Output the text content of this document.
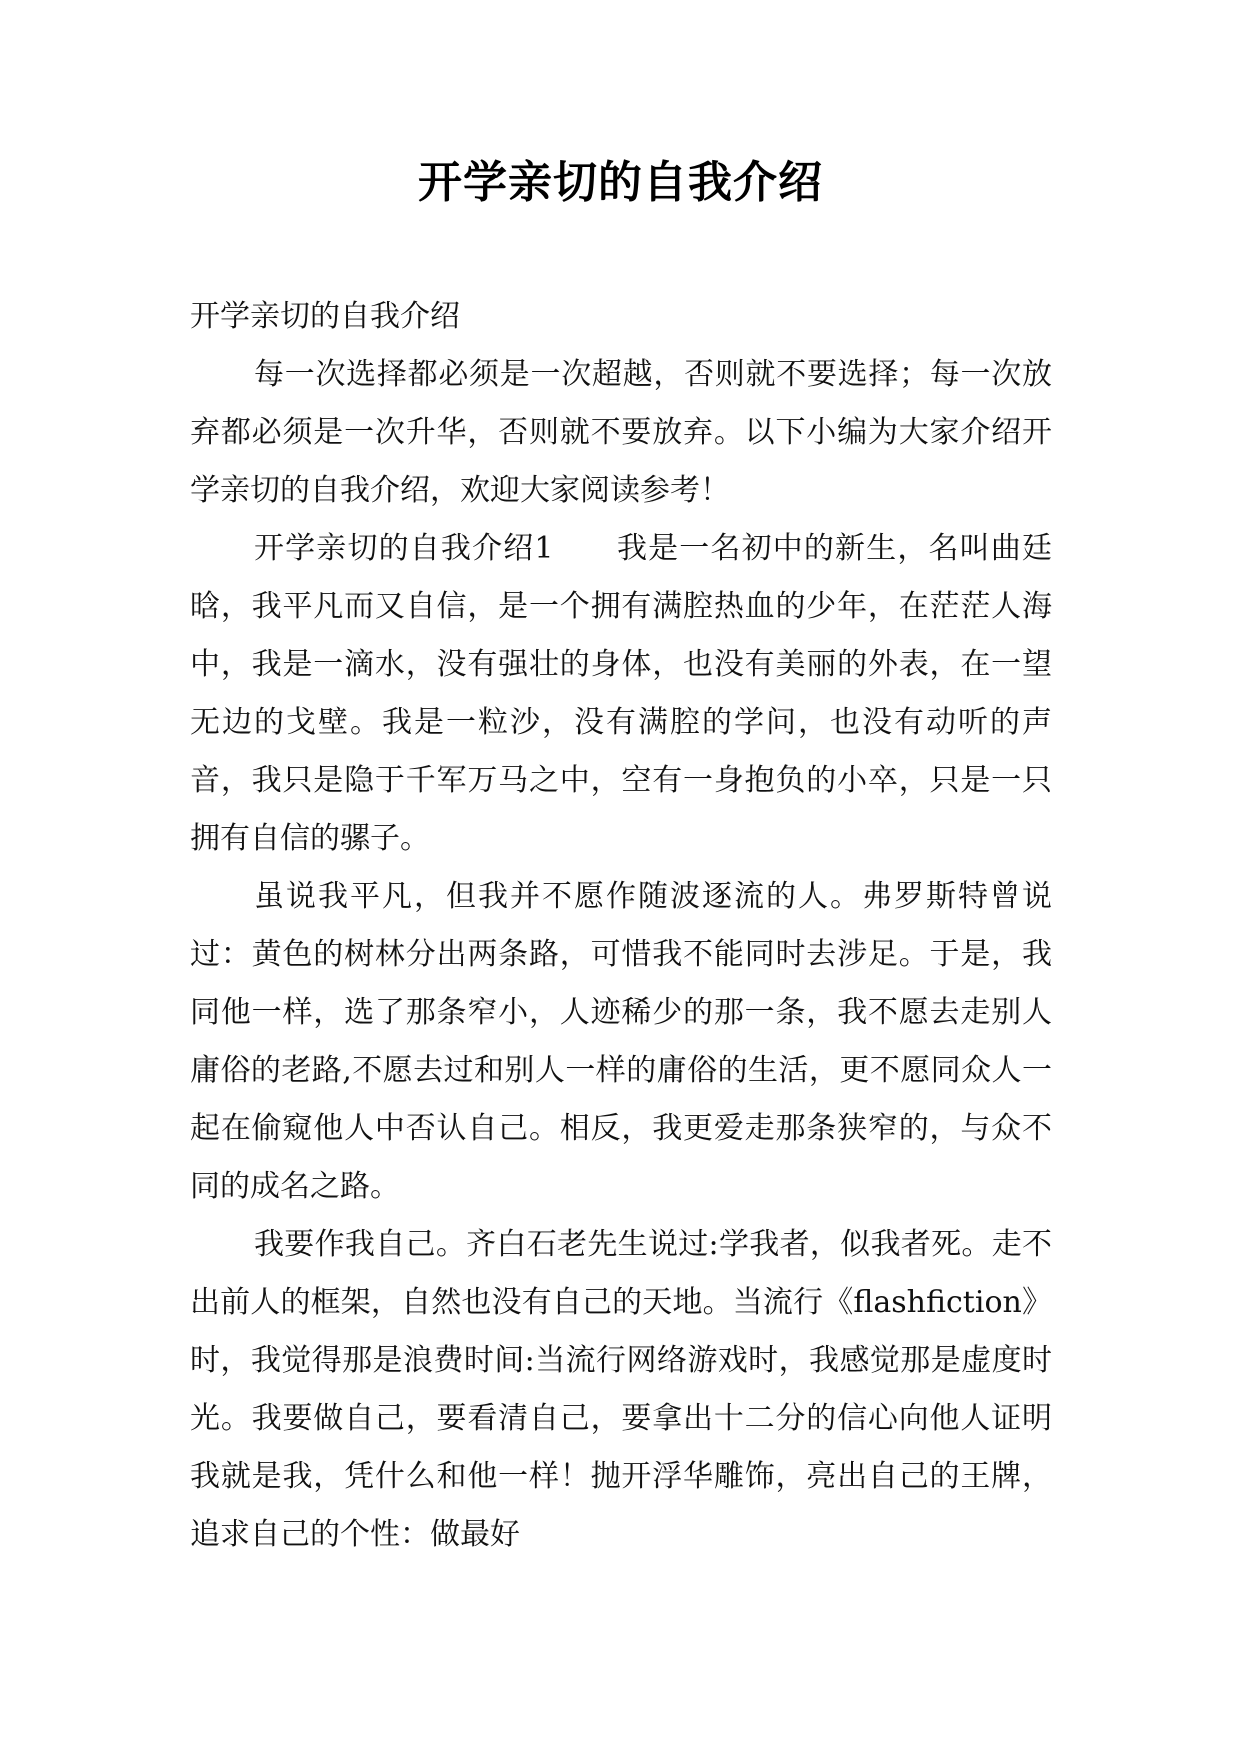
开学亲切的自我介绍

开学亲切的自我介绍

每一次选择都必须是一次超越，否则就不要选择；每一次放弃都必须是一次升华，否则就不要放弃。以下小编为大家介绍开学亲切的自我介绍，欢迎大家阅读参考！

开学亲切的自我介绍1　　我是一名初中的新生，名叫曲廷晗，我平凡而又自信，是一个拥有满腔热血的少年，在茫茫人海中，我是一滴水，没有强壮的身体，也没有美丽的外表，在一望无边的戈壁。我是一粒沙，没有满腔的学问，也没有动听的声音，我只是隐于千军万马之中，空有一身抱负的小卒，只是一只拥有自信的骡子。

虽说我平凡，但我并不愿作随波逐流的人。弗罗斯特曾说过：黄色的树林分出两条路，可惜我不能同时去涉足。于是，我同他一样，选了那条窄小，人迹稀少的那一条，我不愿去走别人庸俗的老路,不愿去过和别人一样的庸俗的生活，更不愿同众人一起在偷窥他人中否认自己。相反，我更爱走那条狭窄的，与众不同的成名之路。

我要作我自己。齐白石老先生说过:学我者，似我者死。走不出前人的框架，自然也没有自己的天地。当流行《flashfiction》时，我觉得那是浪费时间:当流行网络游戏时，我感觉那是虚度时光。我要做自己，要看清自己，要拿出十二分的信心向他人证明我就是我，凭什么和他一样！抛开浮华雕饰，亮出自己的王牌，追求自己的个性：做最好
